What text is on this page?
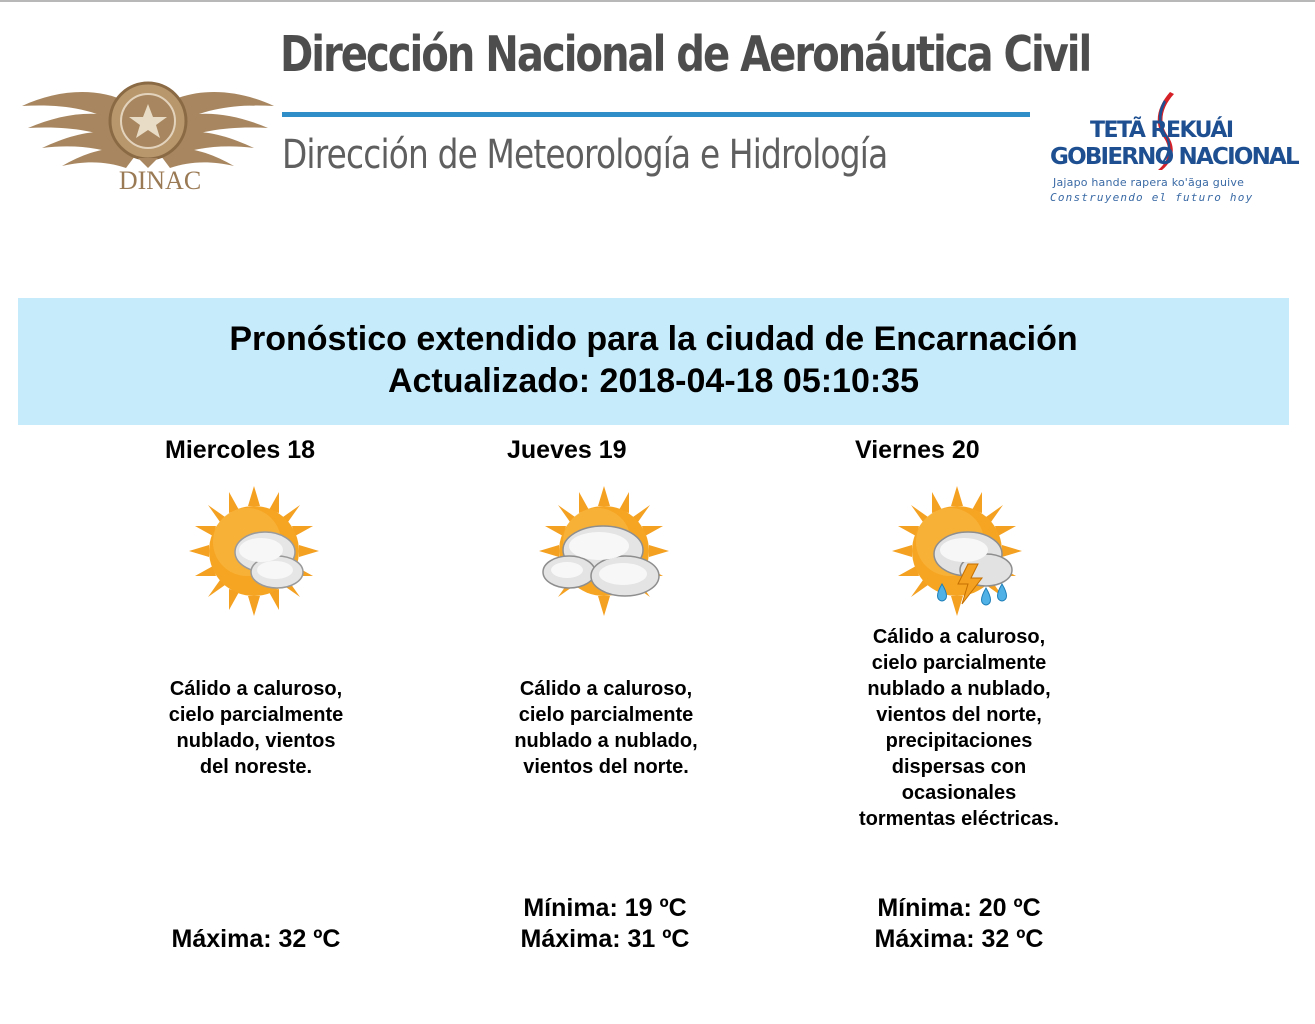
DINAC
Dirección Nacional de Aeronáutica Civil
Dirección de Meteorología e Hidrología
TETÃ REKUÁI
GOBIERNO NACIONAL
Jajapo hande rapera ko'ãga guive
Construyendo el futuro hoy
Pronóstico extendido para la ciudad de Encarnación
Actualizado: 2018-04-18 05:10:35
Miercoles 18
Cálido a caluroso, cielo parcialmente nublado, vientos del noreste.
Máxima: 32 ºC
Jueves 19
Cálido a caluroso, cielo parcialmente nublado a nublado, vientos del norte.
Mínima: 19 ºC
Máxima: 31 ºC
Viernes 20
Cálido a caluroso, cielo parcialmente nublado a nublado, vientos del norte, precipitaciones dispersas con ocasionales tormentas eléctricas.
Mínima: 20 ºC
Máxima: 32 ºC
